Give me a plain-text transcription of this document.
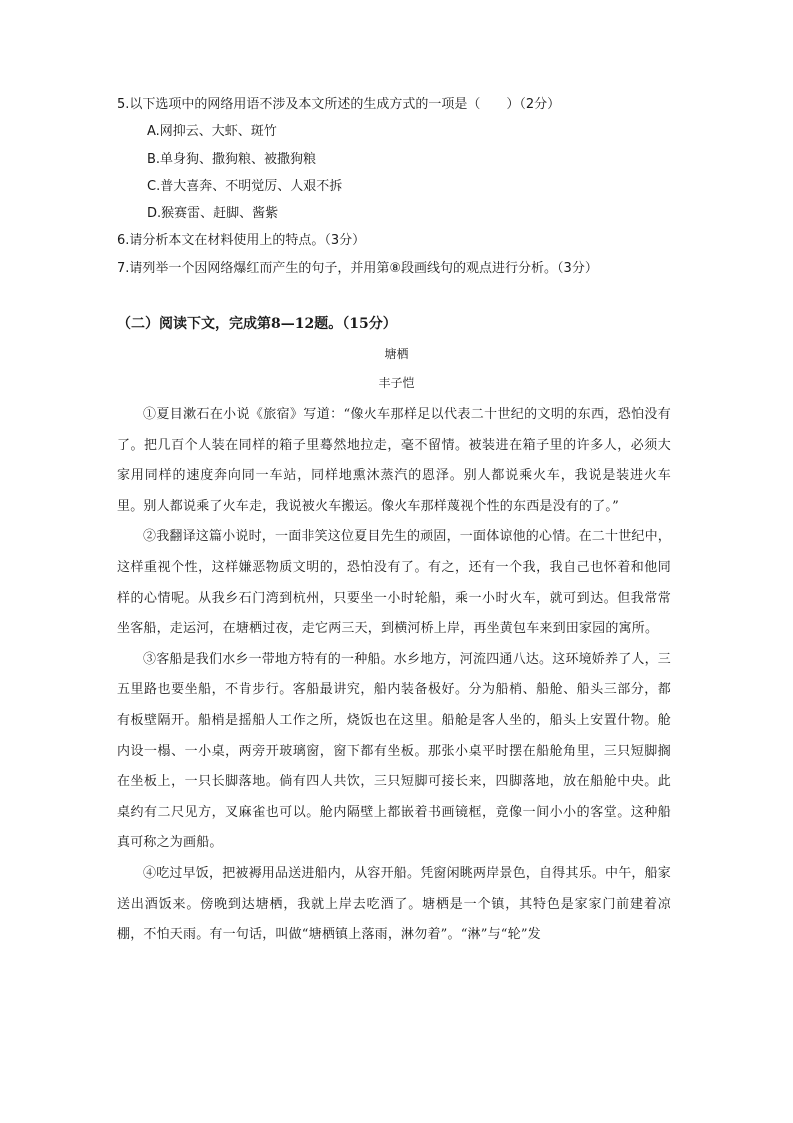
5.以下选项中的网络用语不涉及本文所述的生成方式的一项是（　　）（2分）
A.网抑云、大虾、斑竹
B.单身狗、撒狗粮、被撒狗粮
C.普大喜奔、不明觉厉、人艰不拆
D.猴赛雷、赶脚、酱紫
6.请分析本文在材料使用上的特点。（3分）
7.请列举一个因网络爆红而产生的句子，并用第⑧段画线句的观点进行分析。（3分）
（二）阅读下文，完成第8—12题。（15分）
塘栖
丰子恺

①夏目漱石在小说《旅宿》写道：“像火车那样足以代表二十世纪的文明的东西，恐怕没有了。把几百个人装在同样的箱子里蓦然地拉走，毫不留情。被装进在箱子里的许多人，必须大家用同样的速度奔向同一车站，同样地熏沐蒸汽的恩泽。别人都说乘火车，我说是装进火车里。别人都说乘了火车走，我说被火车搬运。像火车那样蔑视个性的东西是没有的了。”

②我翻译这篇小说时，一面非笑这位夏目先生的顽固，一面体谅他的心情。在二十世纪中，这样重视个性，这样嫌恶物质文明的，恐怕没有了。有之，还有一个我，我自己也怀着和他同样的心情呢。从我乡石门湾到杭州，只要坐一小时轮船，乘一小时火车，就可到达。但我常常坐客船，走运河，在塘栖过夜，走它两三天，到横河桥上岸，再坐黄包车来到田家园的寓所。

③客船是我们水乡一带地方特有的一种船。水乡地方，河流四通八达。这环境娇养了人，三五里路也要坐船，不肯步行。客船最讲究，船内装备极好。分为船梢、船舱、船头三部分，都有板壁隔开。船梢是摇船人工作之所，烧饭也在这里。船舱是客人坐的，船头上安置什物。舱内设一榻、一小桌，两旁开玻璃窗，窗下都有坐板。那张小桌平时摆在船舱角里，三只短脚搁在坐板上，一只长脚落地。倘有四人共饮，三只短脚可接长来，四脚落地，放在船舱中央。此桌约有二尺见方，叉麻雀也可以。舱内隔壁上都嵌着书画镜框，竟像一间小小的客堂。这种船真可称之为画船。

④吃过早饭，把被褥用品送进船内，从容开船。凭窗闲眺两岸景色，自得其乐。中午，船家送出酒饭来。傍晚到达塘栖，我就上岸去吃酒了。塘栖是一个镇，其特色是家家门前建着凉棚，不怕天雨。有一句话，叫做“塘栖镇上落雨，淋勿着”。“淋”与“轮”发
